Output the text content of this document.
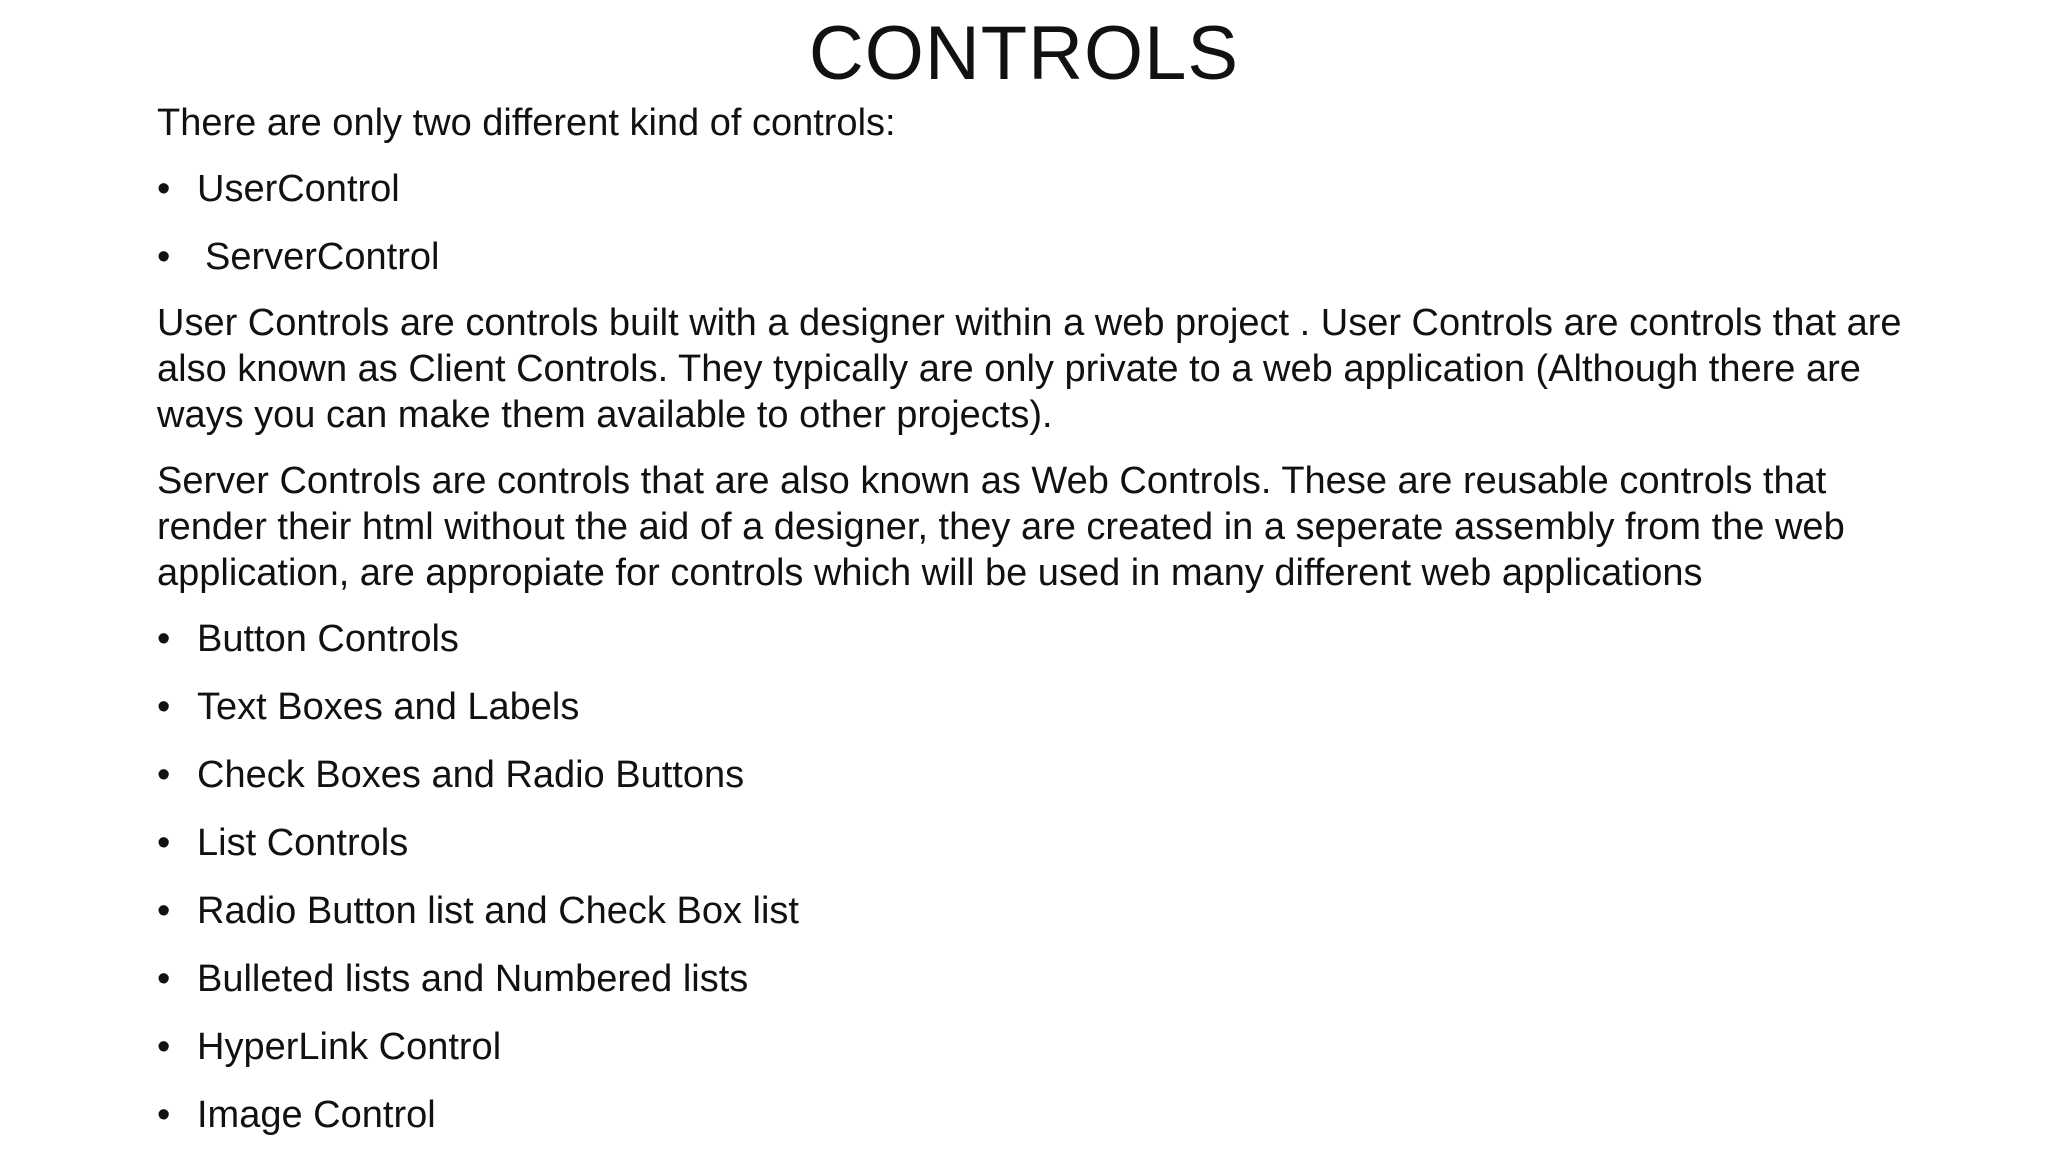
CONTROLS

There are only two different kind of controls:

• UserControl
• ServerControl

User Controls are controls built with a designer within a web project . User Controls are controls that are also known as Client Controls. They typically are only private to a web application (Although there are ways you can make them available to other projects).

Server Controls are controls that are also known as Web Controls. These are reusable controls that render their html without the aid of a designer, they are created in a seperate assembly from the web application, are appropiate for controls which will be used in many different web applications

• Button Controls
• Text Boxes and Labels
• Check Boxes and Radio Buttons
• List Controls
• Radio Button list and Check Box list
• Bulleted lists and Numbered lists
• HyperLink Control
• Image Control
